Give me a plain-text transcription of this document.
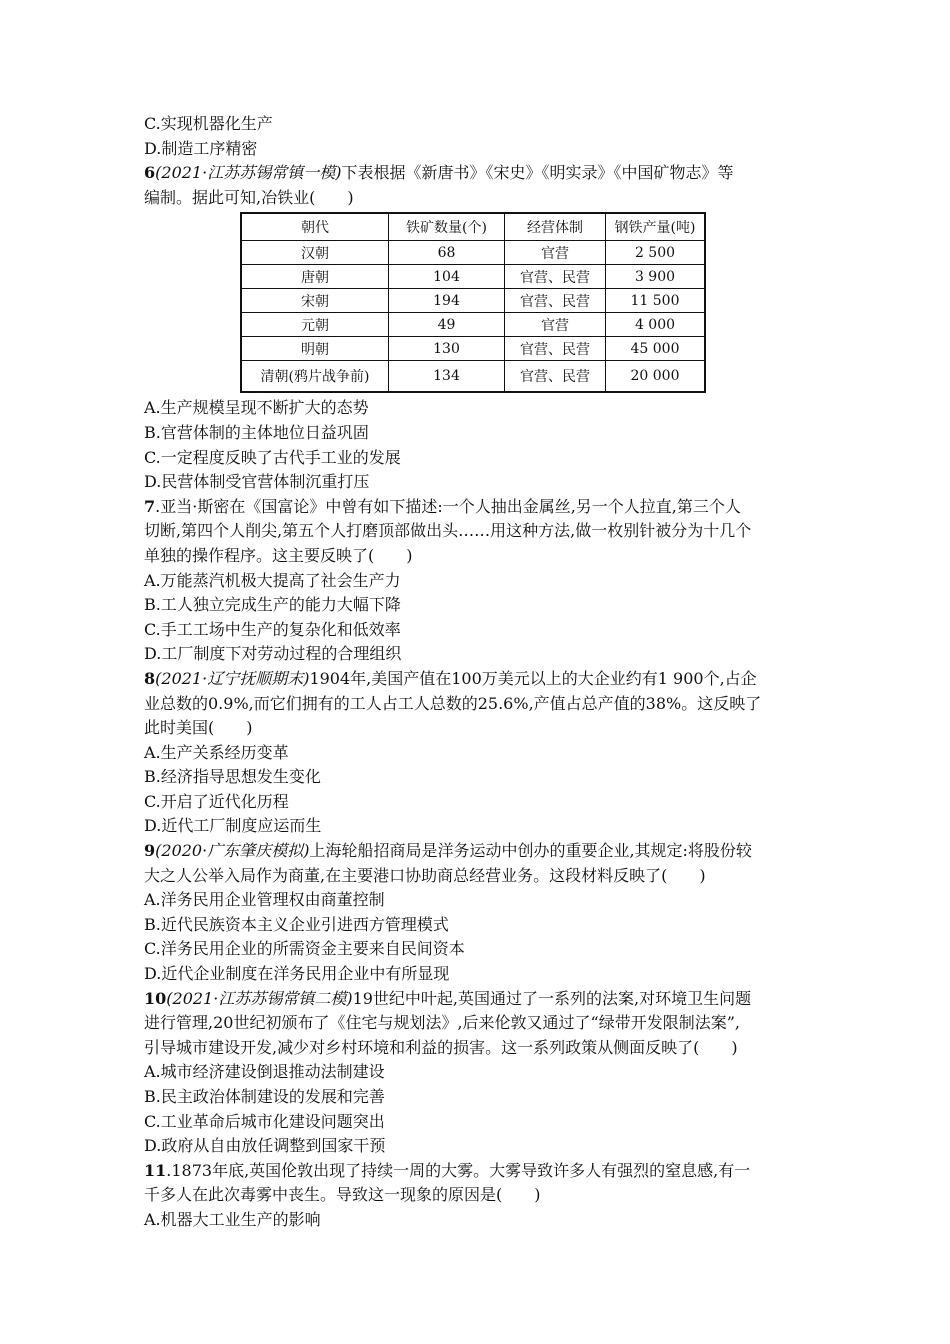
C.实现机器化生产
D.制造工序精密
6(2021·江苏苏锡常镇一模)下表根据《新唐书》《宋史》《明实录》《中国矿物志》等
编制。据此可知,冶铁业(　　)
朝代	铁矿数量(个)	经营体制	钢铁产量(吨)
汉朝	68	官营	2 500
唐朝	104	官营、民营	3 900
宋朝	194	官营、民营	11 500
元朝	49	官营	4 000
明朝	130	官营、民营	45 000
清朝(鸦片战争前)	134	官营、民营	20 000
A.生产规模呈现不断扩大的态势
B.官营体制的主体地位日益巩固
C.一定程度反映了古代手工业的发展
D.民营体制受官营体制沉重打压
7.亚当·斯密在《国富论》中曾有如下描述:一个人抽出金属丝,另一个人拉直,第三个人
切断,第四个人削尖,第五个人打磨顶部做出头……用这种方法,做一枚别针被分为十几个
单独的操作程序。这主要反映了(　　)
A.万能蒸汽机极大提高了社会生产力
B.工人独立完成生产的能力大幅下降
C.手工工场中生产的复杂化和低效率
D.工厂制度下对劳动过程的合理组织
8(2021·辽宁抚顺期末)1904年,美国产值在100万美元以上的大企业约有1 900个,占企
业总数的0.9%,而它们拥有的工人占工人总数的25.6%,产值占总产值的38%。这反映了
此时美国(　　)
A.生产关系经历变革
B.经济指导思想发生变化
C.开启了近代化历程
D.近代工厂制度应运而生
9(2020·广东肇庆模拟)上海轮船招商局是洋务运动中创办的重要企业,其规定:将股份较
大之人公举入局作为商董,在主要港口协助商总经营业务。这段材料反映了(　　)
A.洋务民用企业管理权由商董控制
B.近代民族资本主义企业引进西方管理模式
C.洋务民用企业的所需资金主要来自民间资本
D.近代企业制度在洋务民用企业中有所显现
10(2021·江苏苏锡常镇二模)19世纪中叶起,英国通过了一系列的法案,对环境卫生问题
进行管理,20世纪初颁布了《住宅与规划法》,后来伦敦又通过了“绿带开发限制法案”,
引导城市建设开发,减少对乡村环境和利益的损害。这一系列政策从侧面反映了(　　)
A.城市经济建设倒退推动法制建设
B.民主政治体制建设的发展和完善
C.工业革命后城市化建设问题突出
D.政府从自由放任调整到国家干预
11.1873年底,英国伦敦出现了持续一周的大雾。大雾导致许多人有强烈的窒息感,有一
千多人在此次毒雾中丧生。导致这一现象的原因是(　　)
A.机器大工业生产的影响
